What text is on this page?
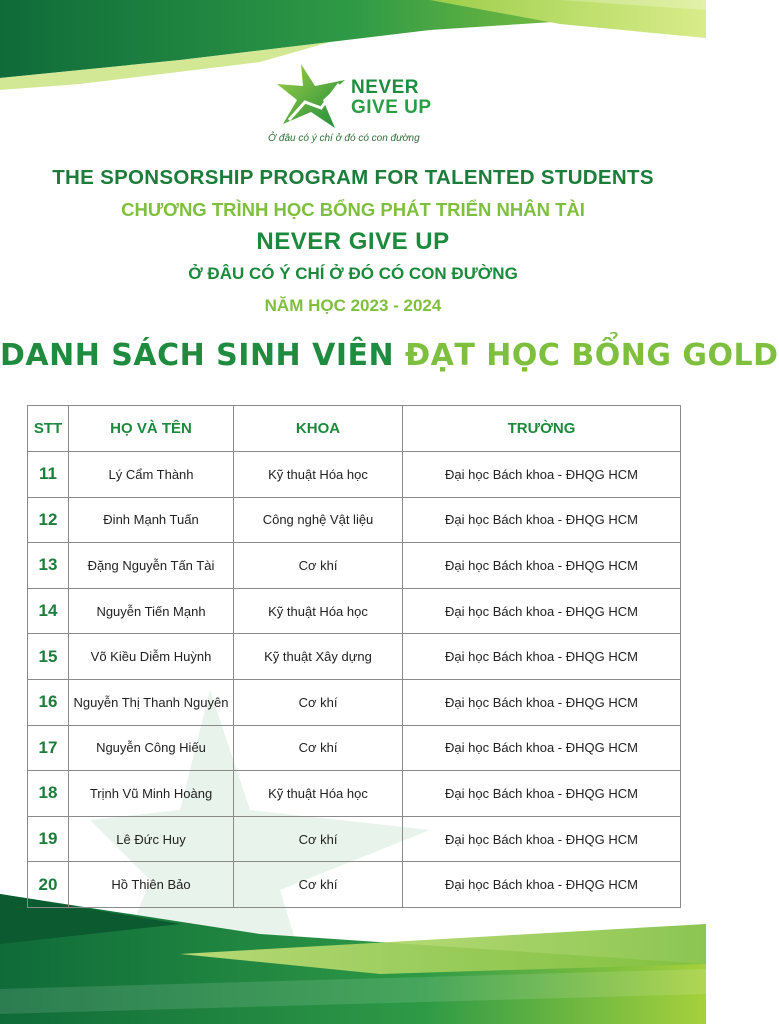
NEVER
GIVE UP
Ở đâu có ý chí ở đó có con đường
THE SPONSORSHIP PROGRAM FOR TALENTED STUDENTS
CHƯƠNG TRÌNH HỌC BỔNG PHÁT TRIỂN NHÂN TÀI
NEVER GIVE UP
Ở ĐÂU CÓ Ý CHÍ Ở ĐÓ CÓ CON ĐƯỜNG
NĂM HỌC 2023 - 2024
DANH SÁCH SINH VIÊN ĐẠT HỌC BỔNG GOLD
STT	HỌ VÀ TÊN	KHOA	TRƯỜNG
11	Lý Cẩm Thành	Kỹ thuật Hóa học	Đại học Bách khoa - ĐHQG HCM
12	Đinh Mạnh Tuấn	Công nghệ Vật liệu	Đại học Bách khoa - ĐHQG HCM
13	Đặng Nguyễn Tấn Tài	Cơ khí	Đại học Bách khoa - ĐHQG HCM
14	Nguyễn Tiến Mạnh	Kỹ thuật Hóa học	Đại học Bách khoa - ĐHQG HCM
15	Võ Kiều Diễm Huỳnh	Kỹ thuật Xây dựng	Đại học Bách khoa - ĐHQG HCM
16	Nguyễn Thị Thanh Nguyên	Cơ khí	Đại học Bách khoa - ĐHQG HCM
17	Nguyễn Công Hiếu	Cơ khí	Đại học Bách khoa - ĐHQG HCM
18	Trịnh Vũ Minh Hoàng	Kỹ thuật Hóa học	Đại học Bách khoa - ĐHQG HCM
19	Lê Đức Huy	Cơ khí	Đại học Bách khoa - ĐHQG HCM
20	Hồ Thiên Bảo	Cơ khí	Đại học Bách khoa - ĐHQG HCM
